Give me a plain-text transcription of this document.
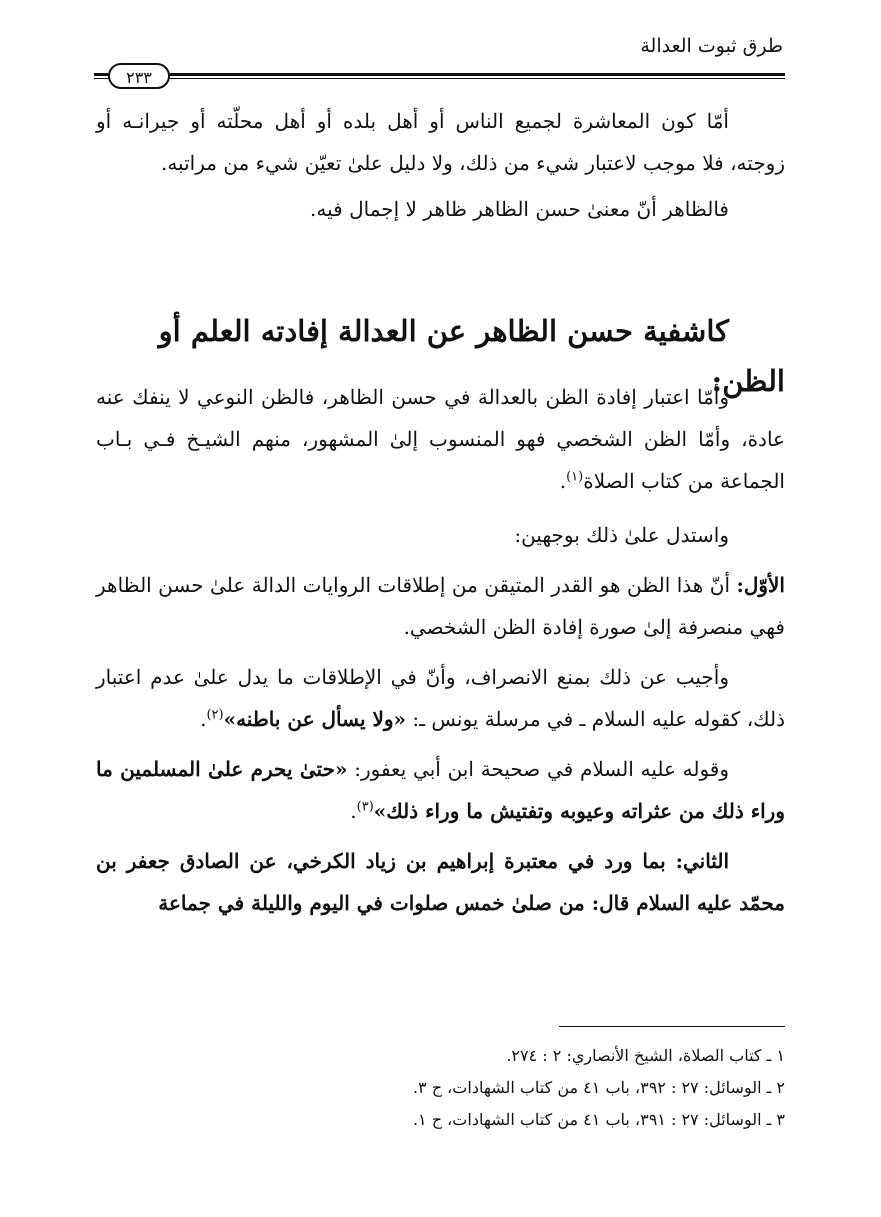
طرق ثبوت العدالة
٢٣٣

أمّا كون المعاشرة لجميع الناس أو أهل بلده أو أهل محلّته أو جيرانـه أو زوجته، فلا موجب لاعتبار شيء من ذلك، ولا دليل علىٰ تعيّن شيء من مراتبه.

فالظاهر أنّ معنىٰ حسن الظاهر ظاهر لا إجمال فيه.

كاشفية حسن الظاهر عن العدالة إفادته العلم أو الظن:

وأمّا اعتبار إفادة الظن بالعدالة في حسن الظاهر، فالظن النوعي لا ينفك عنه عادة، وأمّا الظن الشخصي فهو المنسوب إلىٰ المشهور، منهم الشيـخ فـي بـاب الجماعة من كتاب الصلاة$^{(١)}$.

واستدل علىٰ ذلك بوجهين:

الأوّل: أنّ هذا الظن هو القدر المتيقن من إطلاقات الروايات الدالة علىٰ حسن الظاهر فهي منصرفة إلىٰ صورة إفادة الظن الشخصي.

وأجيب عن ذلك بمنع الانصراف، وأنّ في الإطلاقات ما يدل علىٰ عدم اعتبار ذلك، كقوله عليه السلام ـ في مرسلة يونس ـ: «ولا يسأل عن باطنه»$^{(٢)}$.

وقوله عليه السلام في صحيحة ابن أبي يعفور: «حتىٰ يحرم علىٰ المسلمين ما وراء ذلك من عثراته وعيوبه وتفتيش ما وراء ذلك»$^{(٣)}$.

الثاني: بما ورد في معتبرة إبراهيم بن زياد الكرخي، عن الصادق جعفر بن محمّد عليه السلام قال: من صلىٰ خمس صلوات في اليوم والليلة في جماعة

١ ـ كتاب الصلاة، الشيخ الأنصاري: ٢ : ٢٧٤.
٢ ـ الوسائل: ٢٧ : ٣٩٢، باب ٤١ من كتاب الشهادات، ح ٣.
٣ ـ الوسائل: ٢٧ : ٣٩١، باب ٤١ من كتاب الشهادات، ح ١.
